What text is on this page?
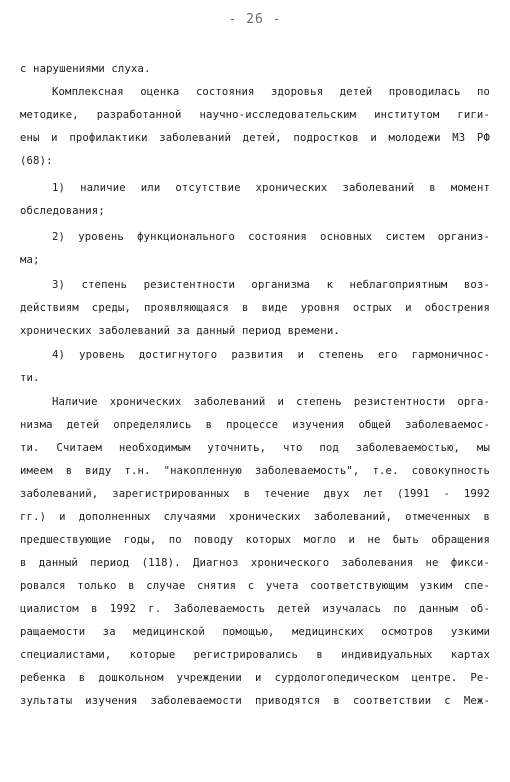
- 26 -
с нарушениями слуха.
Комплексная оценка состояния здоровья детей проводилась по
методике, разработанной научно-исследовательским институтом гиги-
ены и профилактики заболеваний детей, подростков и молодежи МЗ РФ
(68):
1) наличие или отсутствие хронических заболеваний в момент
обследования;
2) уровень функционального состояния основных систем организ-
ма;
3) степень резистентности организма к неблагоприятным воз-
действиям среды, проявляющаяся в виде уровня острых и обострения
хронических заболеваний за данный период времени.
4) уровень достигнутого развития и степень его гармоничнос-
ти.
Наличие хронических заболеваний и степень резистентности орга-
низма детей определялись в процессе изучения общей заболеваемос-
ти. Считаем необходимым уточнить, что под заболеваемостью, мы
имеем в виду т.н. "накопленную заболеваемость", т.е. совокупность
заболеваний, зарегистрированных в течение двух лет (1991 - 1992
гг.) и дополненных случаями хронических заболеваний, отмеченных в
предшествующие годы, по поводу которых могло и не быть обращения
в данный период (118). Диагноз хронического заболевания не фикси-
ровался только в случае снятия с учета соответствующим узким спе-
циалистом в 1992 г. Заболеваемость детей изучалась по данным об-
ращаемости за медицинской помощью, медицинских осмотров узкими
специалистами, которые регистрировались в индивидуальных картах
ребенка в дошкольном учреждении и сурдологопедическом центре. Ре-
зультаты изучения заболеваемости приводятся в соответствии с Меж-
